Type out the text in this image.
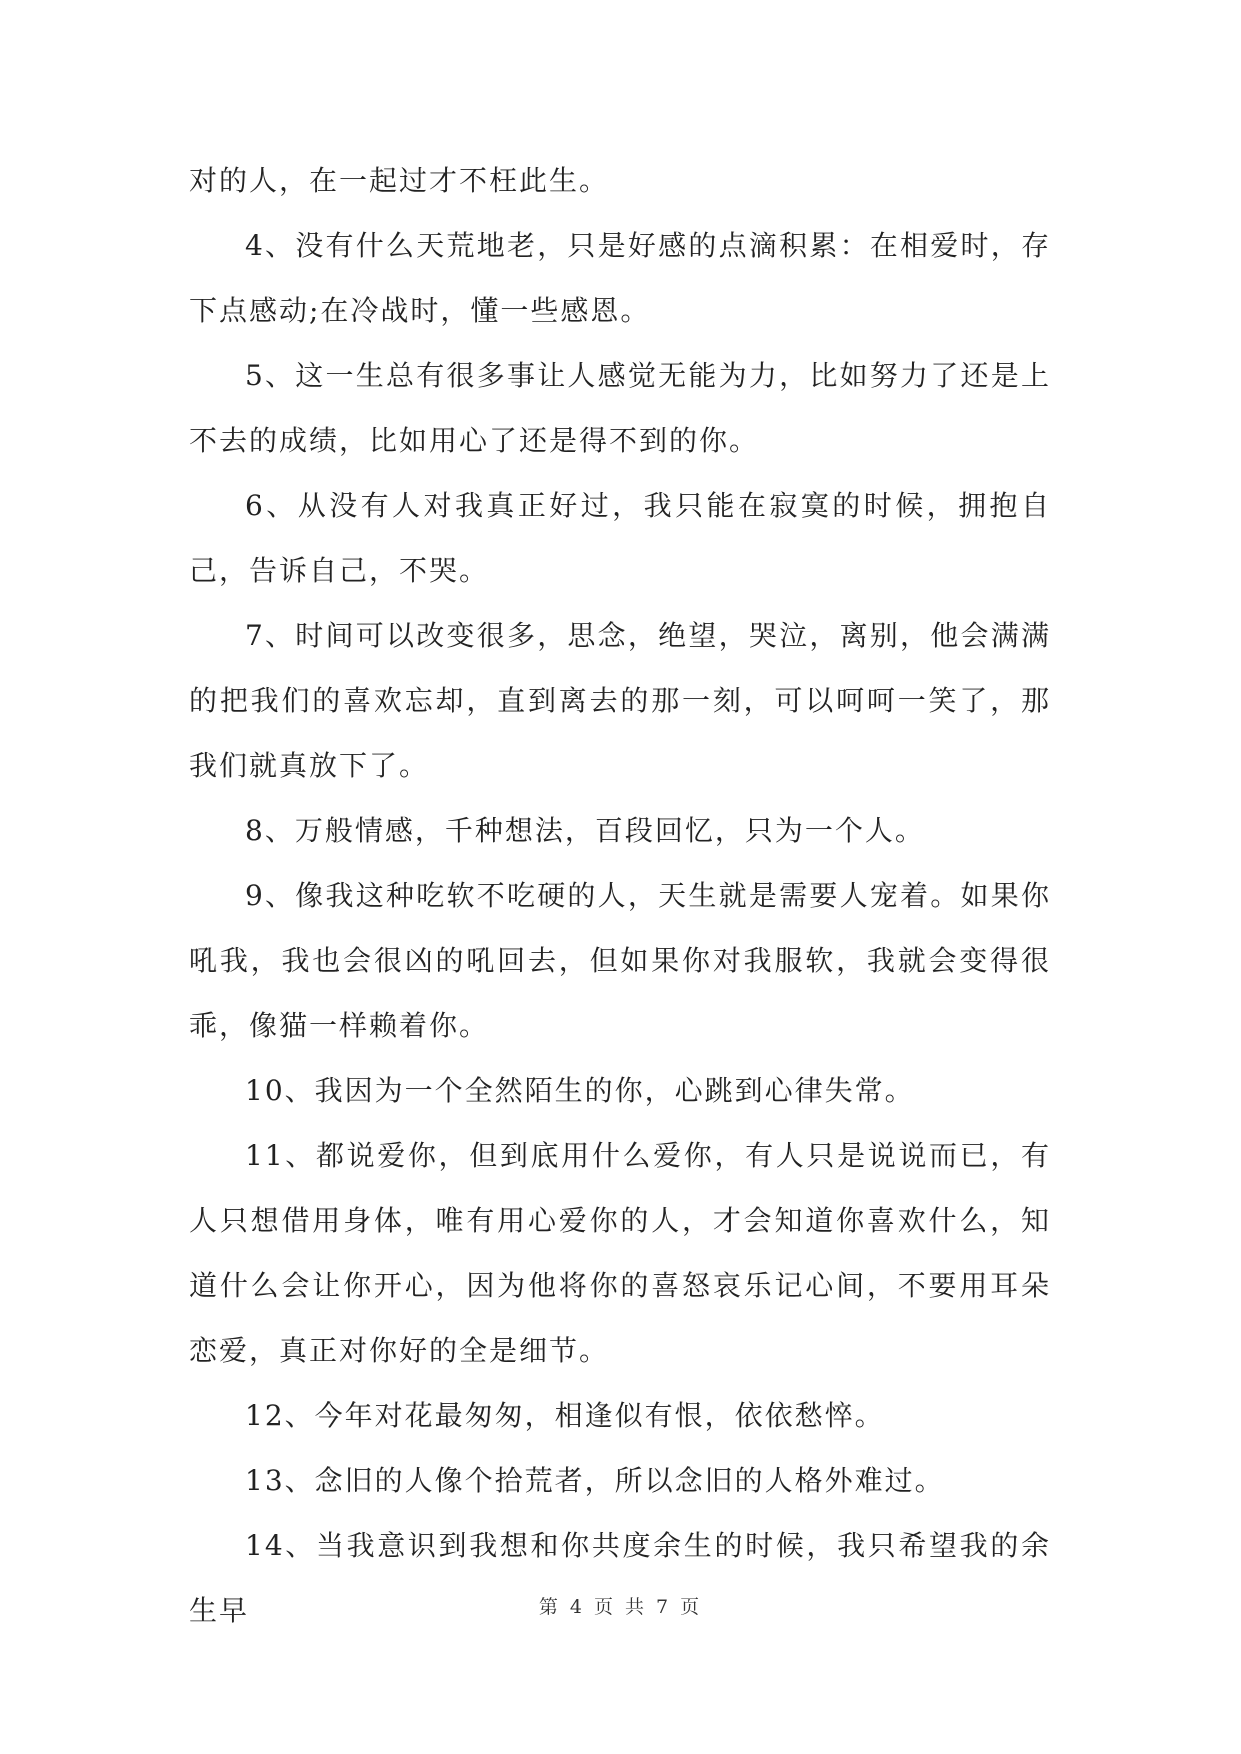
对的人，在一起过才不枉此生。

4、没有什么天荒地老，只是好感的点滴积累：在相爱时，存下点感动;在冷战时，懂一些感恩。

5、这一生总有很多事让人感觉无能为力，比如努力了还是上不去的成绩，比如用心了还是得不到的你。

6、从没有人对我真正好过，我只能在寂寞的时候，拥抱自己，告诉自己，不哭。

7、时间可以改变很多，思念，绝望，哭泣，离别，他会满满的把我们的喜欢忘却，直到离去的那一刻，可以呵呵一笑了，那我们就真放下了。

8、万般情感，千种想法，百段回忆，只为一个人。

9、像我这种吃软不吃硬的人，天生就是需要人宠着。如果你吼我，我也会很凶的吼回去，但如果你对我服软，我就会变得很乖，像猫一样赖着你。

10、我因为一个全然陌生的你，心跳到心律失常。

11、都说爱你，但到底用什么爱你，有人只是说说而已，有人只想借用身体，唯有用心爱你的人，才会知道你喜欢什么，知道什么会让你开心，因为他将你的喜怒哀乐记心间，不要用耳朵恋爱，真正对你好的全是细节。

12、今年对花最匆匆，相逢似有恨，依依愁悴。

13、念旧的人像个拾荒者，所以念旧的人格外难过。

14、当我意识到我想和你共度余生的时候，我只希望我的余生早	第 4 页 共 7 页
